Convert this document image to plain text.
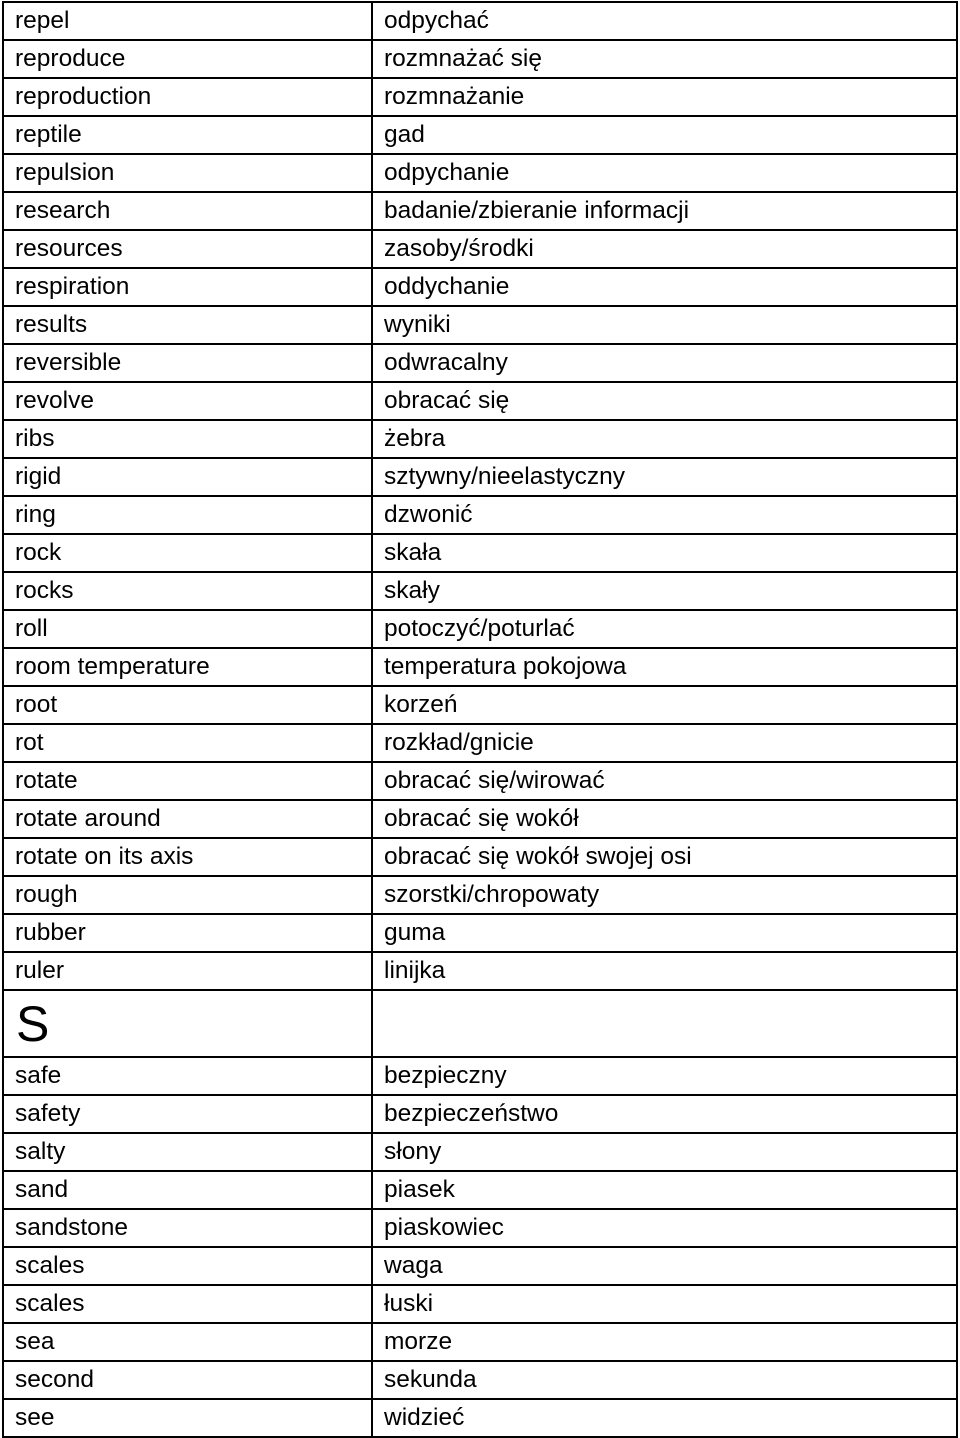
repel	odpychać
reproduce	rozmnażać się
reproduction	rozmnażanie
reptile	gad
repulsion	odpychanie
research	badanie/zbieranie informacji
resources	zasoby/środki
respiration	oddychanie
results	wyniki
reversible	odwracalny
revolve	obracać się
ribs	żebra
rigid	sztywny/nieelastyczny
ring	dzwonić
rock	skała
rocks	skały
roll	potoczyć/poturlać
room temperature	temperatura pokojowa
root	korzeń
rot	rozkład/gnicie
rotate	obracać się/wirować
rotate around	obracać się wokół
rotate on its axis	obracać się wokół swojej osi
rough	szorstki/chropowaty
rubber	guma
ruler	linijka
S	
safe	bezpieczny
safety	bezpieczeństwo
salty	słony
sand	piasek
sandstone	piaskowiec
scales	waga
scales	łuski
sea	morze
second	sekunda
see	widzieć
